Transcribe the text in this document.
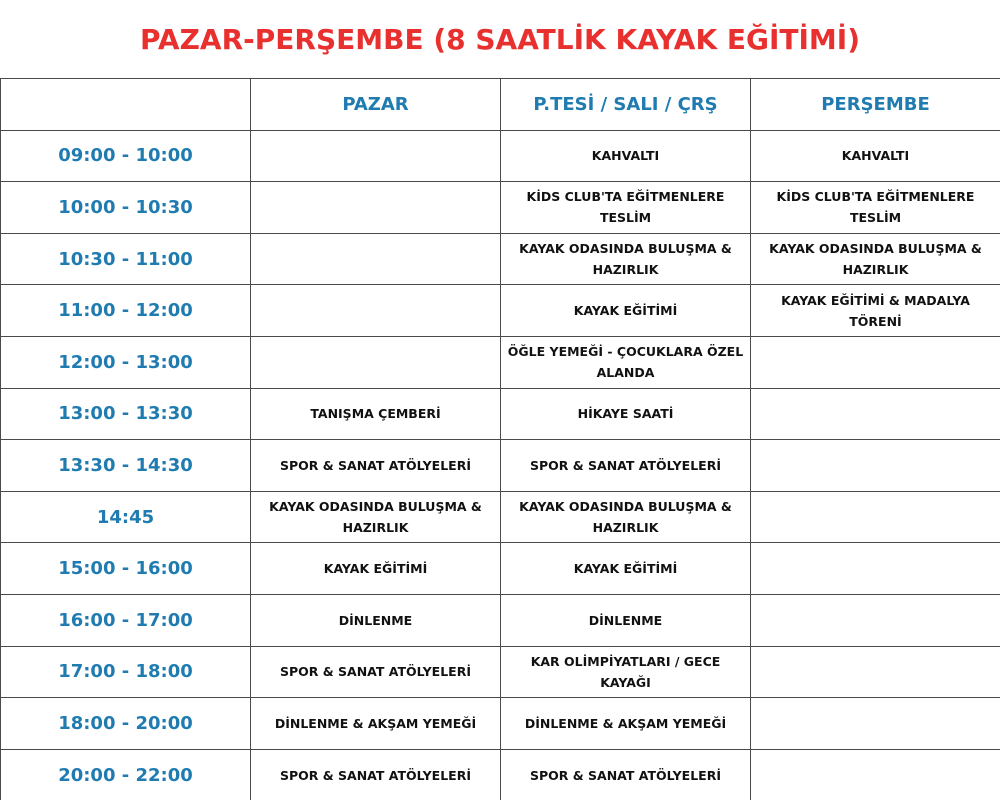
PAZAR-PERŞEMBE (8 SAATLİK KAYAK EĞİTİMİ)
	PAZAR	P.TESİ / SALI / ÇRŞ	PERŞEMBE
09:00 - 10:00		KAHVALTI	KAHVALTI
10:00 - 10:30		KİDS CLUB'TA EĞİTMENLERE TESLİM	KİDS CLUB'TA EĞİTMENLERE TESLİM
10:30 - 11:00		KAYAK ODASINDA BULUŞMA & HAZIRLIK	KAYAK ODASINDA BULUŞMA & HAZIRLIK
11:00 - 12:00		KAYAK EĞİTİMİ	KAYAK EĞİTİMİ & MADALYA TÖRENİ
12:00 - 13:00		ÖĞLE YEMEĞİ - ÇOCUKLARA ÖZEL ALANDA	
13:00 - 13:30	TANIŞMA ÇEMBERİ	HİKAYE SAATİ	
13:30 - 14:30	SPOR & SANAT ATÖLYELERİ	SPOR & SANAT ATÖLYELERİ	
14:45	KAYAK ODASINDA BULUŞMA & HAZIRLIK	KAYAK ODASINDA BULUŞMA & HAZIRLIK	
15:00 - 16:00	KAYAK EĞİTİMİ	KAYAK EĞİTİMİ	
16:00 - 17:00	DİNLENME	DİNLENME	
17:00 - 18:00	SPOR & SANAT ATÖLYELERİ	KAR OLİMPİYATLARI / GECE KAYAĞI	
18:00 - 20:00	DİNLENME & AKŞAM YEMEĞİ	DİNLENME & AKŞAM YEMEĞİ	
20:00 - 22:00	SPOR & SANAT ATÖLYELERİ	SPOR & SANAT ATÖLYELERİ	
